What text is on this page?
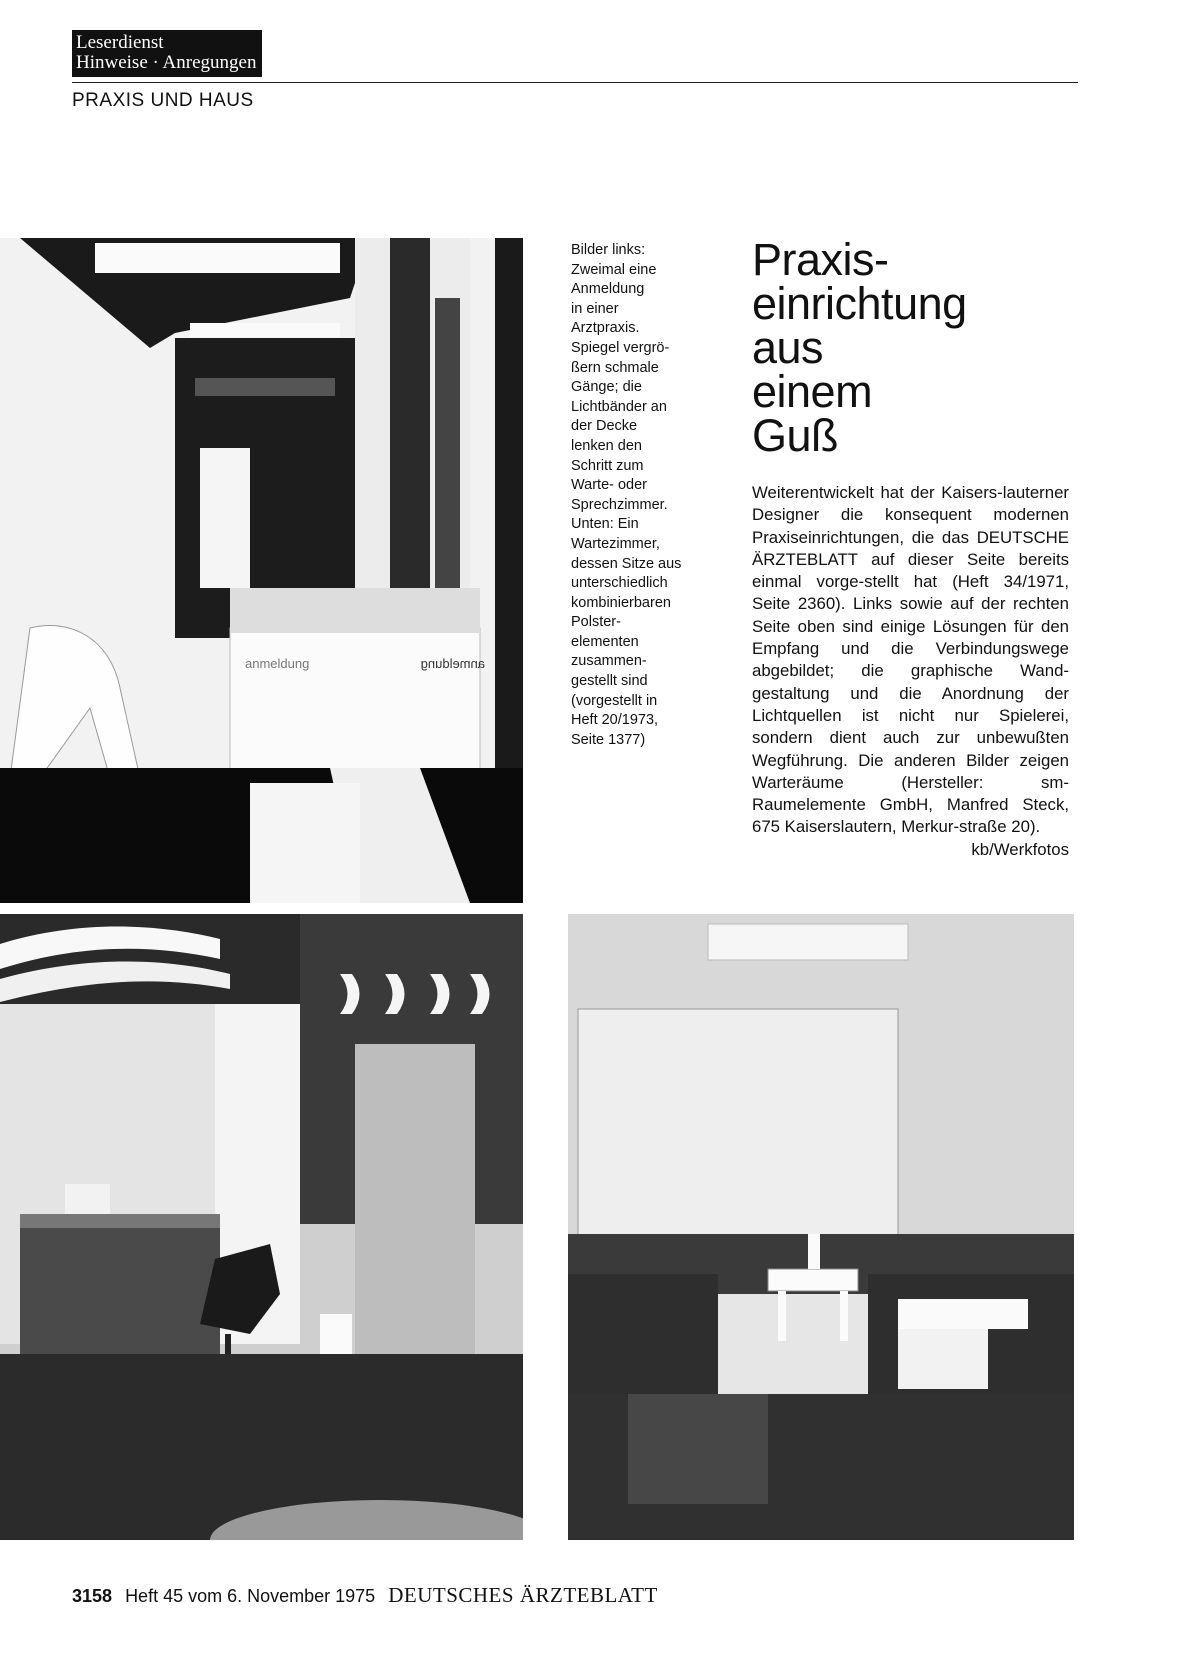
Leserdienst
Hinweise · Anregungen
PRAXIS UND HAUS
anmeldung	anmeldung
Bilder links:
Zweimal eine
Anmeldung
in einer
Arztpraxis.
Spiegel vergrö-
ßern schmale
Gänge; die
Lichtbänder an
der Decke
lenken den
Schritt zum
Warte- oder
Sprechzimmer.
Unten: Ein
Wartezimmer,
dessen Sitze aus
unterschiedlich
kombinierbaren
Polster-
elementen
zusammen-
gestellt sind
(vorgestellt in
Heft 20/1973,
Seite 1377)
Praxis-
einrichtung
aus
einem
Guß
Weiterentwickelt hat der Kaisers-lauterner Designer die konsequent modernen Praxiseinrichtungen, die das DEUTSCHE ÄRZTEBLATT auf dieser Seite bereits einmal vorge-stellt hat (Heft 34/1971, Seite 2360). Links sowie auf der rechten Seite oben sind einige Lösungen für den Empfang und die Verbindungswege abgebildet; die graphische Wand-gestaltung und die Anordnung der Lichtquellen ist nicht nur Spielerei, sondern dient auch zur unbewußten Wegführung. Die anderen Bilder zeigen Warteräume (Hersteller: sm-Raumelemente GmbH, Manfred Steck, 675 Kaiserslautern, Merkur-straße 20).
kb/Werkfotos
3158 Heft 45 vom 6. November 1975 DEUTSCHES ÄRZTEBLATT
